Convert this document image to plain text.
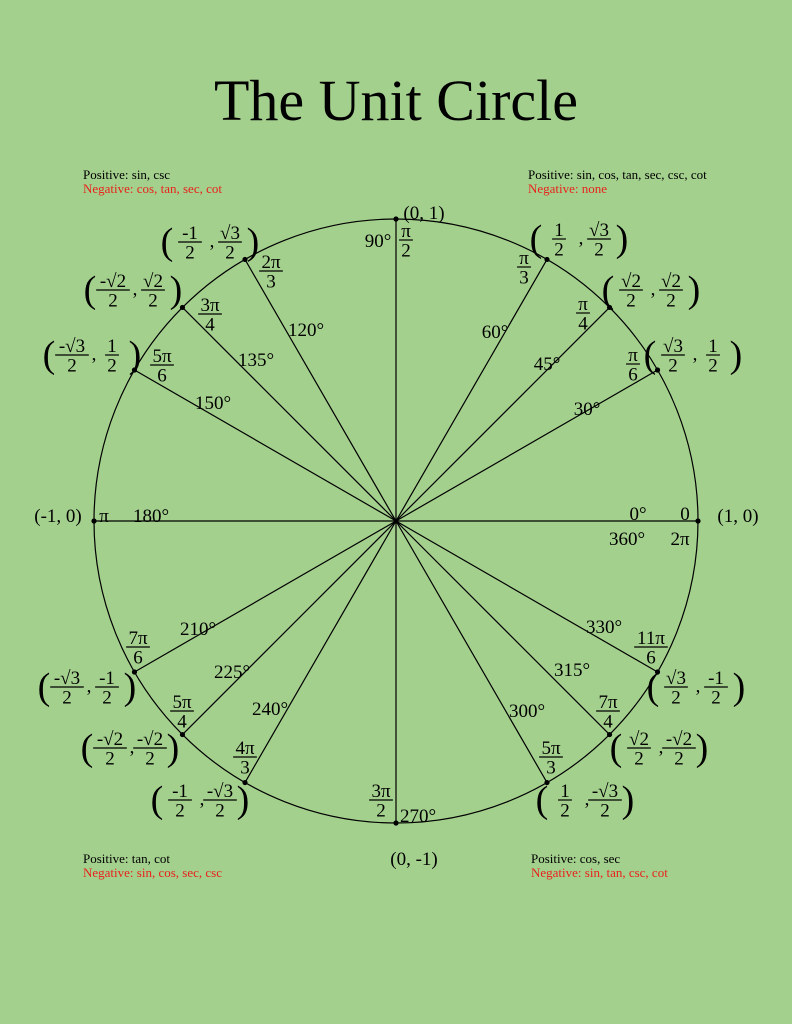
The Unit Circle
Positive: sin, csc
Negative: cos, tan, sec, cot
Positive: sin, cos, tan, sec, csc, cot
Negative: none
Positive: tan, cot
Negative: sin, cos, sec, csc
Positive: cos, sec
Negative: sin, tan, csc, cot
0°
360°
0
2π
(1, 0)
30°
π
6 ( √3
2
, 1
2 )
45°
π
4
( √2
2
, √2
2 )
60°
π
3
( 1
2
, √3
2 )
90° π
2
(0, 1)
120°
2π
3
( -1
2
, √3
2 )
135°
3π
4
( -√2
2
, √2
2 )
150°
5π
6
( -√3
2
, 1
2 )
180°
π
(-1, 0)
210°
7π
6
( -√3
2
, -1
2 )	225°
5π
4
( -√2
2
, -√2
2 )
240°
4π
3
( -1
2
, -√3
2 )	270°
3π
2
(0, -1)
300°
5π
3
( 1
2
, -√3
2 )
315°
7π
4
( √2
2
, -√2
2 )
330°
11π
6
( √3
2
, -1
2 )
